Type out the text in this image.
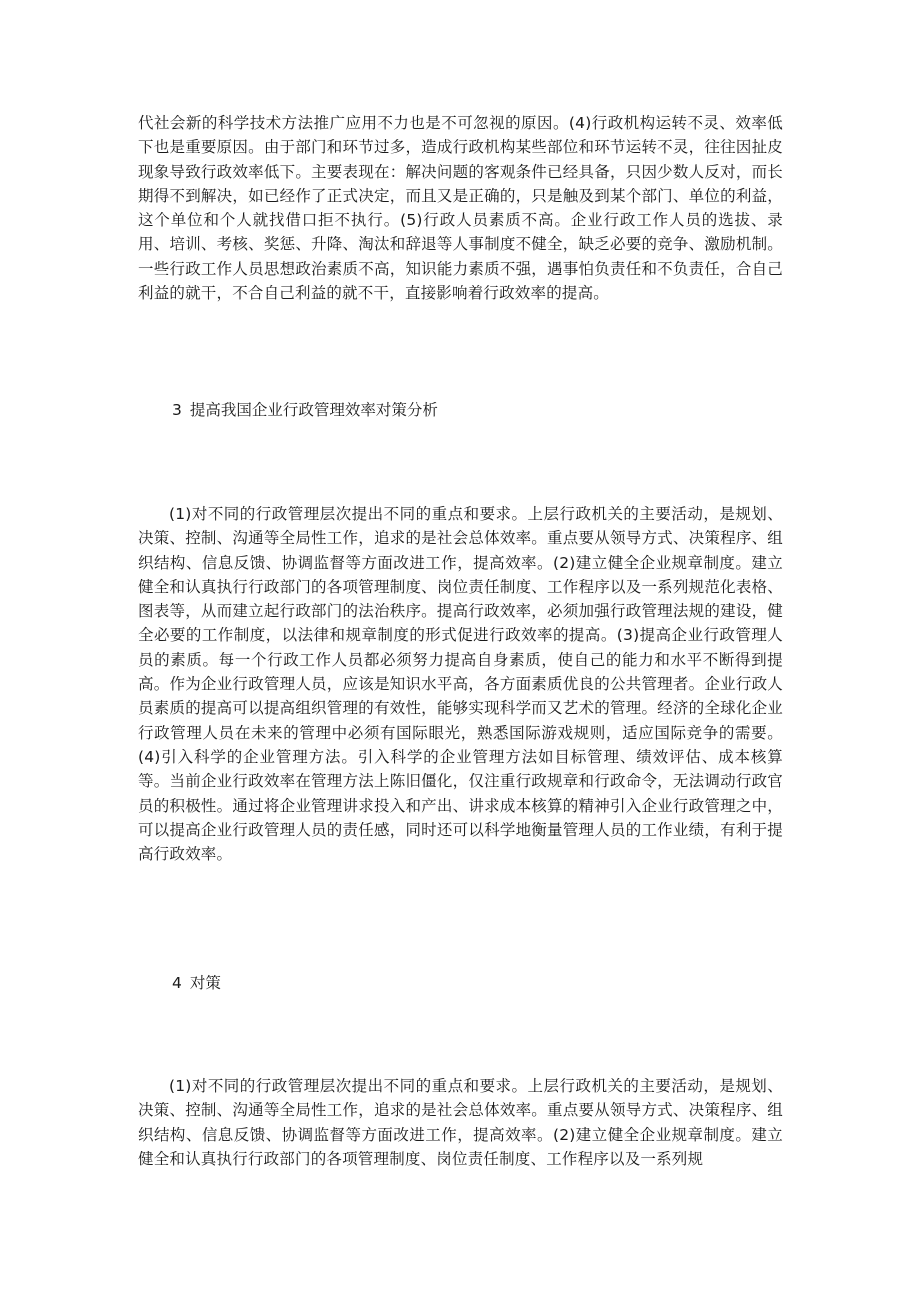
代社会新的科学技术方法推广应用不力也是不可忽视的原因。(4)行政机构运转不灵、效率低下也是重要原因。由于部门和环节过多，造成行政机构某些部位和环节运转不灵，往往因扯皮现象导致行政效率低下。主要表现在：解决问题的客观条件已经具备，只因少数人反对，而长期得不到解决，如已经作了正式决定，而且又是正确的，只是触及到某个部门、单位的利益，这个单位和个人就找借口拒不执行。(5)行政人员素质不高。企业行政工作人员的选拔、录用、培训、考核、奖惩、升降、淘汰和辞退等人事制度不健全，缺乏必要的竞争、激励机制。一些行政工作人员思想政治素质不高，知识能力素质不强，遇事怕负责任和不负责任，合自己利益的就干，不合自己利益的就不干，直接影响着行政效率的提高。

3 提高我国企业行政管理效率对策分析

(1)对不同的行政管理层次提出不同的重点和要求。上层行政机关的主要活动，是规划、决策、控制、沟通等全局性工作，追求的是社会总体效率。重点要从领导方式、决策程序、组织结构、信息反馈、协调监督等方面改进工作，提高效率。(2)建立健全企业规章制度。建立健全和认真执行行政部门的各项管理制度、岗位责任制度、工作程序以及一系列规范化表格、图表等，从而建立起行政部门的法治秩序。提高行政效率，必须加强行政管理法规的建设，健全必要的工作制度，以法律和规章制度的形式促进行政效率的提高。(3)提高企业行政管理人员的素质。每一个行政工作人员都必须努力提高自身素质，使自己的能力和水平不断得到提高。作为企业行政管理人员，应该是知识水平高，各方面素质优良的公共管理者。企业行政人员素质的提高可以提高组织管理的有效性，能够实现科学而又艺术的管理。经济的全球化企业行政管理人员在未来的管理中必须有国际眼光，熟悉国际游戏规则，适应国际竞争的需要。(4)引入科学的企业管理方法。引入科学的企业管理方法如目标管理、绩效评估、成本核算等。当前企业行政效率在管理方法上陈旧僵化，仅注重行政规章和行政命令，无法调动行政官员的积极性。通过将企业管理讲求投入和产出、讲求成本核算的精神引入企业行政管理之中，可以提高企业行政管理人员的责任感，同时还可以科学地衡量管理人员的工作业绩，有利于提高行政效率。

4 对策

(1)对不同的行政管理层次提出不同的重点和要求。上层行政机关的主要活动，是规划、决策、控制、沟通等全局性工作，追求的是社会总体效率。重点要从领导方式、决策程序、组织结构、信息反馈、协调监督等方面改进工作，提高效率。(2)建立健全企业规章制度。建立健全和认真执行行政部门的各项管理制度、岗位责任制度、工作程序以及一系列规
